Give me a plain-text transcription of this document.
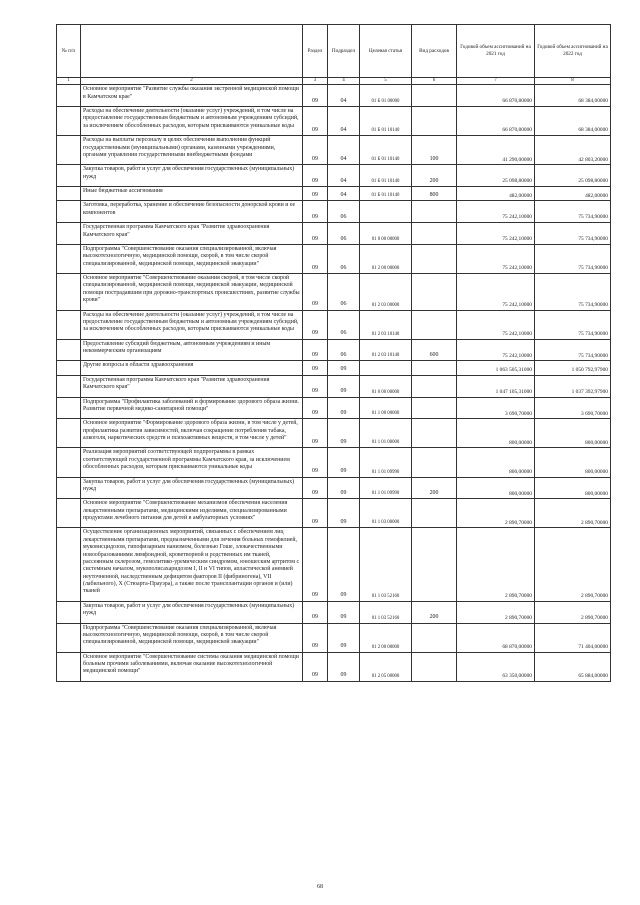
№ п/п		Раздел	Подраздел	Целевая статья	Вид расходов	Годовой объем ассигнований на 2021 год	Годовой объем ассигнований на 2022 год
1	2	3	4	5	6	7	8
	Основное мероприятие "Развитие службы оказания экстренной медицинской помощи в Камчатском крае"	09	04	01 Б 01 00000		66 870,80000	68 384,00000
	Расходы на обеспечение деятельности (оказание услуг) учреждений, в том числе на предоставление государственным бюджетным и автономным учреждениям субсидий, за исключением обособленных расходов, которым присваиваются уникальные коды	09	04	01 Б 01 10140		66 870,80000	68 384,00000
	Расходы на выплаты персоналу в целях обеспечения выполнения функций государственными (муниципальными) органами, казенными учреждениями, органами управления государственными внебюджетными фондами	09	04	01 Б 01 10140	100	41 290,00000	42 803,20000
	Закупка товаров, работ и услуг для обеспечения государственных (муниципальных) нужд	09	04	01 Б 01 10140	200	25 098,80000	25 098,80000
	Иные бюджетные ассигнования	09	04	01 Б 01 10140	800	482,00000	482,00000
	Заготовка, переработка, хранение и обеспечение безопасности донорской крови и ее компонентов	09	06			75 242,10000	75 734,90000
	Государственная программа Камчатского края "Развитие здравоохранения Камчатского края"	09	06	01 0 00 00000		75 242,10000	75 734,90000
	Подпрограмма "Совершенствование оказания специализированной, включая высокотехнологичную, медицинской помощи, скорой, в том числе скорой специализированной, медицинской помощи, медицинской эвакуации"	09	06	01 2 00 00000		75 242,10000	75 734,90000
	Основное мероприятие "Совершенствование оказания скорой, в том числе скорой специализированной, медицинской помощи, медицинской эвакуации, медицинской помощи пострадавшим при дорожно-транспортных происшествиях, развитие службы крови"	09	06	01 2 03 00000		75 242,10000	75 734,90000
	Расходы на обеспечение деятельности (оказание услуг) учреждений, в том числе на предоставление государственным бюджетным и автономным учреждениям субсидий, за исключением обособленных расходов, которым присваиваются уникальные коды	09	06	01 2 03 10140		75 242,10000	75 734,90000
	Предоставление субсидий бюджетным, автономным учреждениям и иным некоммерческим организациям	09	06	01 2 03 10140	600	75 242,10000	75 734,90000
	Другие вопросы в области здравоохранения	09	09			1 063 505,31000	1 050 792,97900
	Государственная программа Камчатского края "Развитие здравоохранения Камчатского края"	09	09	01 0 00 00000		1 047 105,31000	1 037 392,97900
	Подпрограмма "Профилактика заболеваний и формирование здорового образа жизни. Развитие первичной медико-санитарной помощи"	09	09	01 1 00 00000		3 690,70000	3 690,70000
	Основное мероприятие "Формирование здорового образа жизни, в том числе у детей, профилактика развития зависимостей, включая сокращение потребления табака, алкоголя, наркотических средств и психоактивных веществ, в том числе у детей"	09	09	01 1 01 00000		800,00000	800,00000
	Реализация мероприятий соответствующей подпрограммы в рамках соответствующей государственной программы Камчатского края, за исключением обособленных расходов, которым присваиваются уникальные коды	09	09	01 1 01 09990		800,00000	800,00000
	Закупка товаров, работ и услуг для обеспечения государственных (муниципальных) нужд	09	09	01 1 01 09990	200	800,00000	800,00000
	Основное мероприятие "Совершенствование механизмов обеспечения населения лекарственными препаратами, медицинскими изделиями, специализированными продуктами лечебного питания для детей в амбулаторных условиях"	09	09	01 1 03 00000		2 890,70000	2 890,70000
	Осуществление организационных мероприятий, связанных с обеспечением лиц лекарственными препаратами, предназначенными для лечения больных гемофилией, муковисцидозом, гипофизарным нанизмом, болезнью Гоше, злокачественными новообразованиями лимфоидной, кроветворной и родственных им тканей, рассеянным склерозом, гемолитико-уремическим синдромом, юношеским артритом с системным началом, мукополисахаридозом I, II и VI типов, апластической анемией неуточненной, наследственным дефицитом факторов II (фибриногена), VII (лабильного), X (Стюарта-Прауэра), а также после трансплантации органов и (или) тканей	09	09	01 1 03 52160		2 890,70000	2 890,70000
	Закупка товаров, работ и услуг для обеспечения государственных (муниципальных) нужд	09	09	01 1 03 52160	200	2 890,70000	2 890,70000
	Подпрограмма "Совершенствование оказания специализированной, включая высокотехнологичную, медицинской помощи, скорой, в том числе скорой специализированной, медицинской помощи, медицинской эвакуации"	09	09	01 2 00 00000		68 870,00000	71 404,00000
	Основное мероприятие "Совершенствование системы оказания медицинской помощи больным прочими заболеваниями, включая оказание высокотехнологичной медицинской помощи"	09	09	01 2 05 00000		63 350,00000	65 884,00000
68
